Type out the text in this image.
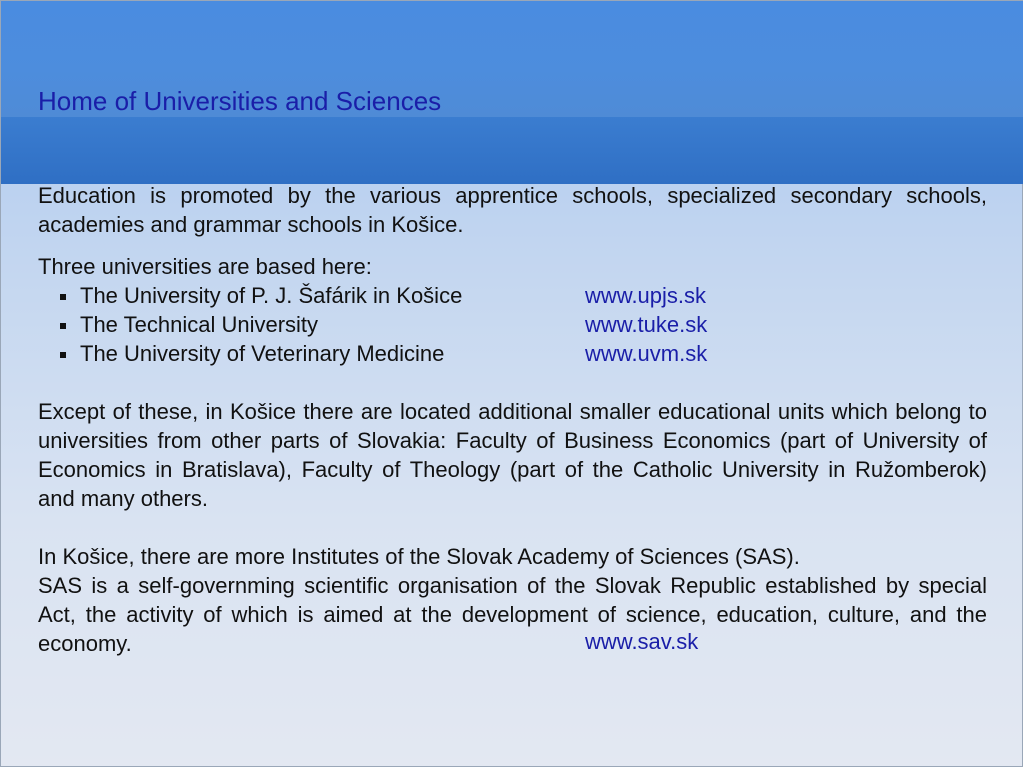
Home of Universities and Sciences

Education is promoted by the various apprentice schools, specialized secondary schools, academies and grammar schools in Košice.

Three universities are based here:

The University of P. J. Šafárik in Košice	www.upjs.sk
The Technical University	www.tuke.sk
The University of Veterinary Medicine	www.uvm.sk

Except of these, in Košice there are located additional smaller educational units which belong to universities from other parts of Slovakia: Faculty of Business Economics (part of University of Economics in Bratislava), Faculty of Theology (part of the Catholic University in Ružomberok) and many others.

In Košice, there are more Institutes of the Slovak Academy of Sciences (SAS).

SAS is a self-governming scientific organisation of the Slovak Republic established by special Act, the activity of which is aimed at the development of science, education, culture, and the economy.	www.sav.sk
